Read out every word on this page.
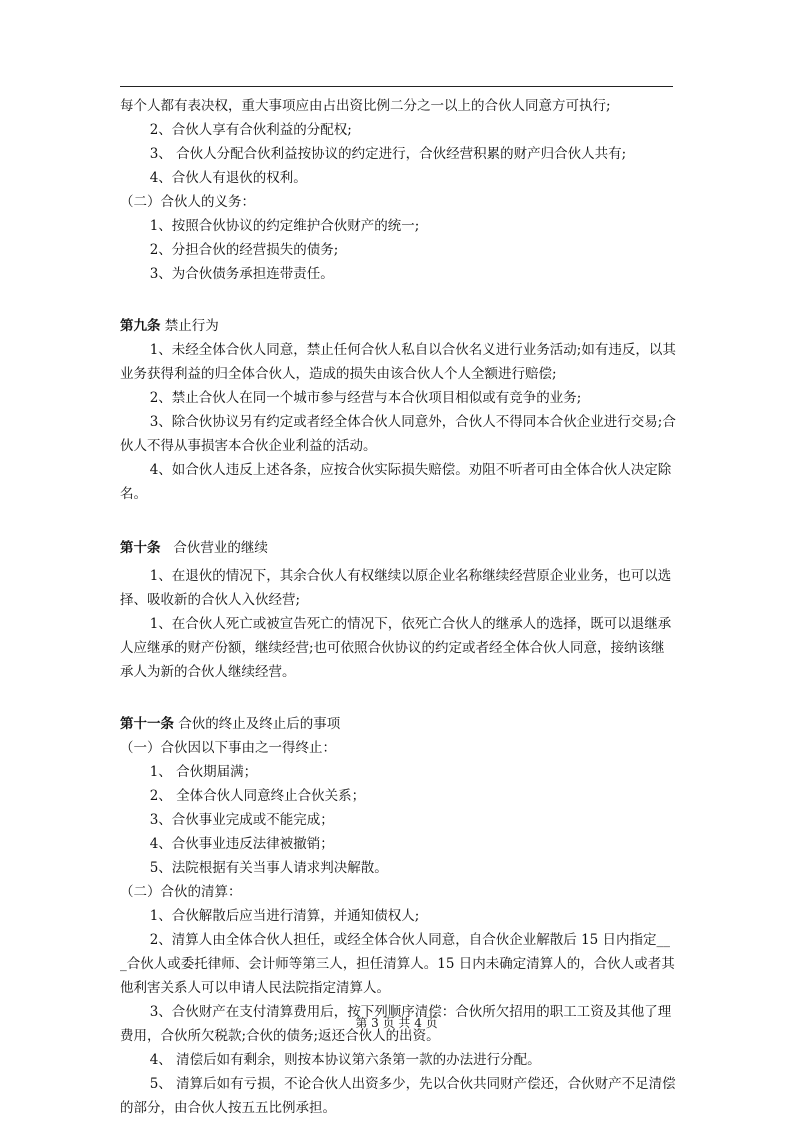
每个人都有表决权，重大事项应由占出资比例二分之一以上的合伙人同意方可执行;

2、合伙人享有合伙利益的分配权;

3、 合伙人分配合伙利益按协议的约定进行，合伙经营积累的财产归合伙人共有;

4、合伙人有退伙的权利。

（二）合伙人的义务：

1、按照合伙协议的约定维护合伙财产的统一;

2、分担合伙的经营损失的债务;

3、为合伙债务承担连带责任。

第九条 禁止行为

1、未经全体合伙人同意，禁止任何合伙人私自以合伙名义进行业务活动;如有违反，以其业务获得利益的归全体合伙人，造成的损失由该合伙人个人全额进行赔偿;

2、禁止合伙人在同一个城市参与经营与本合伙项目相似或有竞争的业务;

3、除合伙协议另有约定或者经全体合伙人同意外，合伙人不得同本合伙企业进行交易;合伙人不得从事损害本合伙企业利益的活动。

4、如合伙人违反上述各条，应按合伙实际损失赔偿。劝阻不听者可由全体合伙人决定除名。

第十条 合伙营业的继续

1、在退伙的情况下，其余合伙人有权继续以原企业名称继续经营原企业业务，也可以选择、吸收新的合伙人入伙经营;

1、在合伙人死亡或被宣告死亡的情况下，依死亡合伙人的继承人的选择，既可以退继承人应继承的财产份额，继续经营;也可依照合伙协议的约定或者经全体合伙人同意，接纳该继承人为新的合伙人继续经营。

第十一条 合伙的终止及终止后的事项

（一）合伙因以下事由之一得终止：

1、 合伙期届满；

2、 全体合伙人同意终止合伙关系；

3、合伙事业完成或不能完成；

4、合伙事业违反法律被撤销；

5、法院根据有关当事人请求判决解散。

（二）合伙的清算：

1、合伙解散后应当进行清算，并通知债权人;

2、清算人由全体合伙人担任，或经全体合伙人同意，自合伙企业解散后 15 日内指定___合伙人或委托律师、会计师等第三人，担任清算人。15 日内未确定清算人的，合伙人或者其他利害关系人可以申请人民法院指定清算人。

3、合伙财产在支付清算费用后，按下列顺序清偿：合伙所欠招用的职工工资及其他了理费用，合伙所欠税款;合伙的债务;返还合伙人的出资。

4、 清偿后如有剩余，则按本协议第六条第一款的办法进行分配。

5、 清算后如有亏损，不论合伙人出资多少，先以合伙共同财产偿还，合伙财产不足清偿的部分，由合伙人按五五比例承担。

第 3 页 共 4 页
